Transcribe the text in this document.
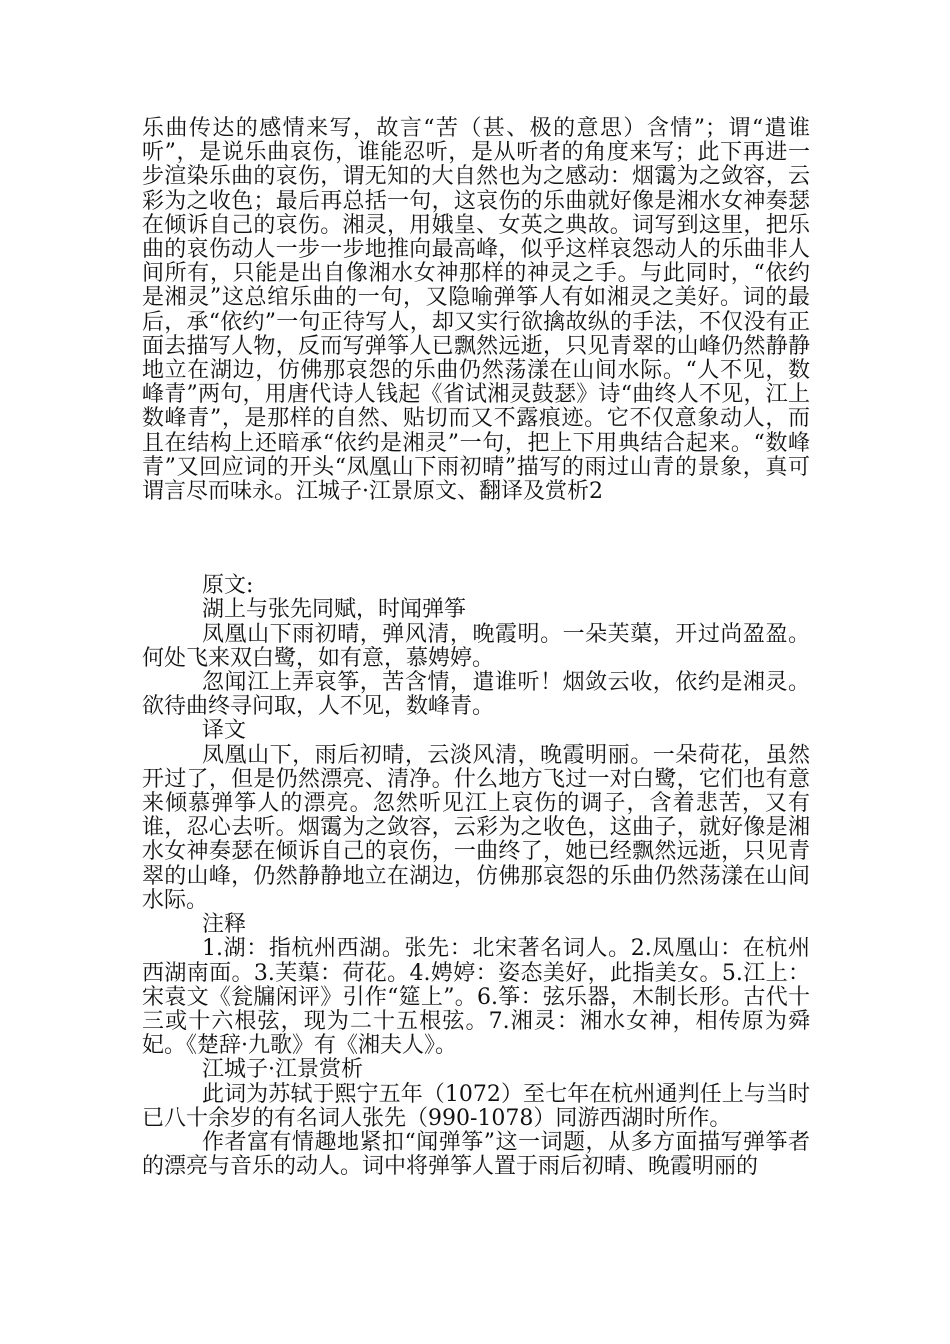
乐曲传达的感情来写，故言“苦（甚、极的意思）含情”；谓“遣谁听”，是说乐曲哀伤，谁能忍听，是从听者的角度来写；此下再进一步渲染乐曲的哀伤，谓无知的大自然也为之感动：烟霭为之敛容，云彩为之收色；最后再总括一句，这哀伤的乐曲就好像是湘水女神奏瑟在倾诉自己的哀伤。湘灵，用娥皇、女英之典故。词写到这里，把乐曲的哀伤动人一步一步地推向最高峰，似乎这样哀怨动人的乐曲非人间所有，只能是出自像湘水女神那样的神灵之手。与此同时，“依约是湘灵”这总绾乐曲的一句，又隐喻弹筝人有如湘灵之美好。词的最后，承“依约”一句正待写人，却又实行欲擒故纵的手法，不仅没有正面去描写人物，反而写弹筝人已飘然远逝，只见青翠的山峰仍然静静地立在湖边，仿佛那哀怨的乐曲仍然荡漾在山间水际。“人不见，数峰青”两句，用唐代诗人钱起《省试湘灵鼓瑟》诗“曲终人不见，江上数峰青”，是那样的自然、贴切而又不露痕迹。它不仅意象动人，而且在结构上还暗承“依约是湘灵”一句，把上下用典结合起来。“数峰青”又回应词的开头“凤凰山下雨初晴”描写的雨过山青的景象，真可谓言尽而味永。江城子·江景原文、翻译及赏析2

原文:

湖上与张先同赋，时闻弹筝

凤凰山下雨初晴，弹风清，晚霞明。一朵芙蕖，开过尚盈盈。何处飞来双白鹭，如有意，慕娉婷。

忽闻江上弄哀筝，苦含情，遣谁听！烟敛云收，依约是湘灵。欲待曲终寻问取，人不见，数峰青。

译文

凤凰山下，雨后初晴，云淡风清，晚霞明丽。一朵荷花，虽然开过了，但是仍然漂亮、清净。什么地方飞过一对白鹭，它们也有意来倾慕弹筝人的漂亮。忽然听见江上哀伤的调子，含着悲苦，又有谁，忍心去听。烟霭为之敛容，云彩为之收色，这曲子，就好像是湘水女神奏瑟在倾诉自己的哀伤，一曲终了，她已经飘然远逝，只见青翠的山峰，仍然静静地立在湖边，仿佛那哀怨的乐曲仍然荡漾在山间水际。

注释

1.湖：指杭州西湖。张先：北宋著名词人。2.凤凰山：在杭州西湖南面。3.芙蕖：荷花。4.娉婷：姿态美好，此指美女。5.江上：宋袁文《瓮牖闲评》引作“筵上”。6.筝：弦乐器，木制长形。古代十三或十六根弦，现为二十五根弦。7.湘灵：湘水女神，相传原为舜妃。《楚辞·九歌》有《湘夫人》。

江城子·江景赏析

此词为苏轼于熙宁五年（1072）至七年在杭州通判任上与当时已八十余岁的有名词人张先（990-1078）同游西湖时所作。

作者富有情趣地紧扣“闻弹筝”这一词题，从多方面描写弹筝者的漂亮与音乐的动人。词中将弹筝人置于雨后初晴、晚霞明丽的
